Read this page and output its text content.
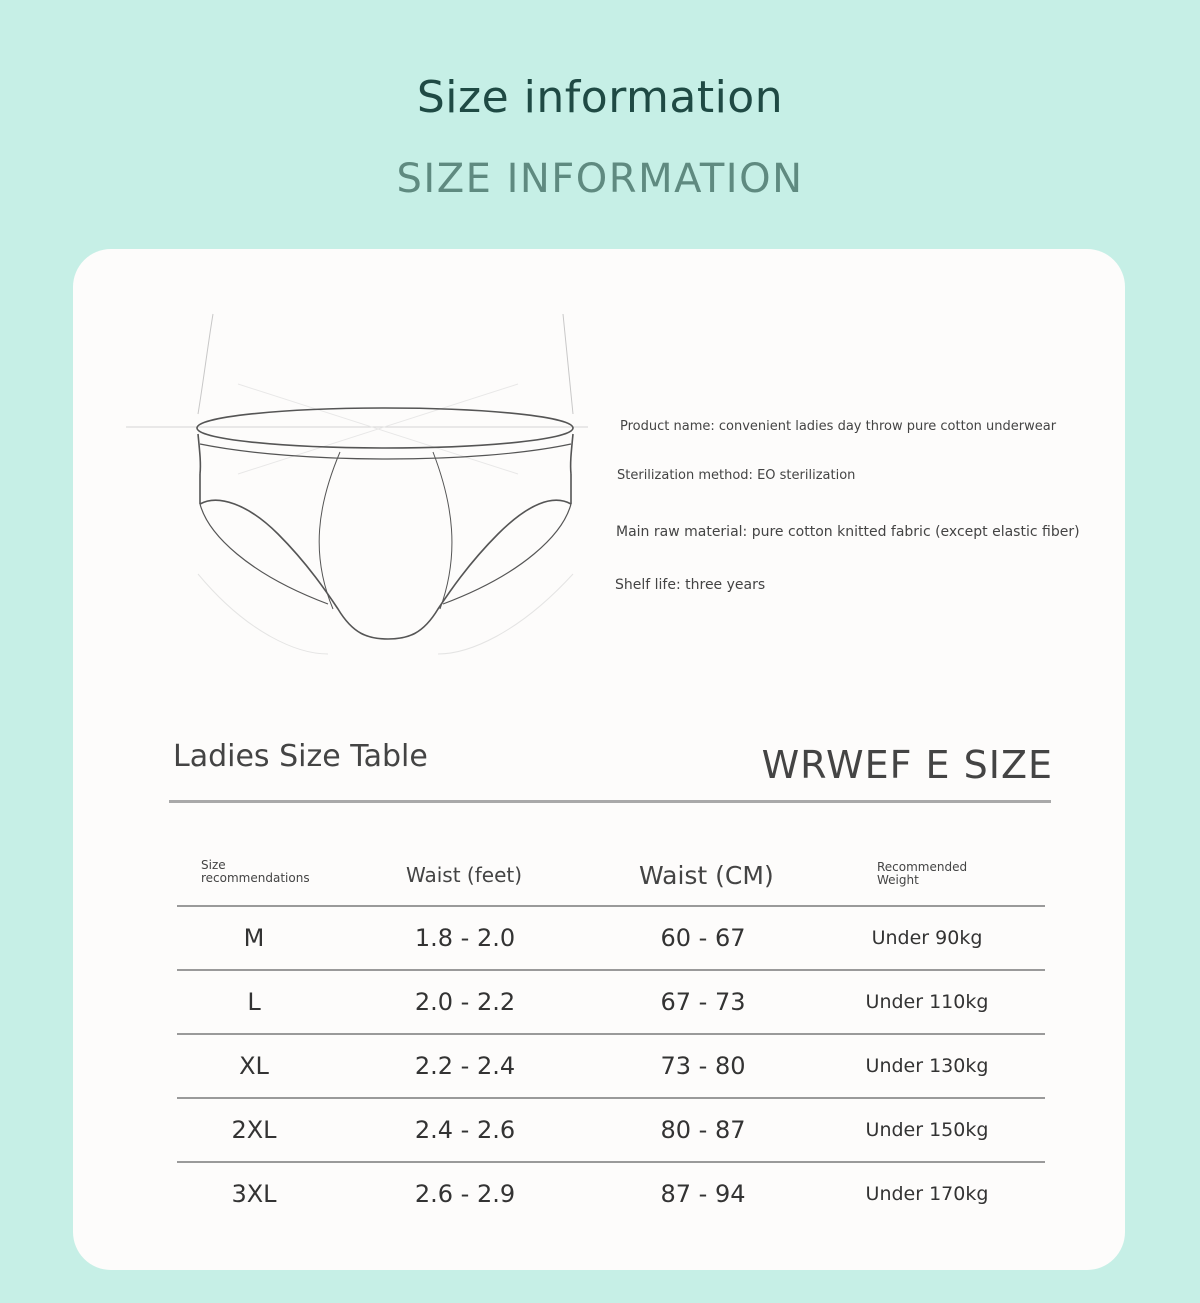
Size information
SIZE INFORMATION
Product name: convenient ladies day throw pure cotton underwear
Sterilization method: EO sterilization
Main raw material: pure cotton knitted fabric (except elastic fiber)
Shelf life: three years
Ladies Size Table	WRWEF E SIZE
Size recommendations	Waist (feet)	Waist (CM)	Recommended Weight
M	1.8 - 2.0	60 - 67	Under 90kg
L	2.0 - 2.2	67 - 73	Under 110kg
XL	2.2 - 2.4	73 - 80	Under 130kg
2XL	2.4 - 2.6	80 - 87	Under 150kg
3XL	2.6 - 2.9	87 - 94	Under 170kg
